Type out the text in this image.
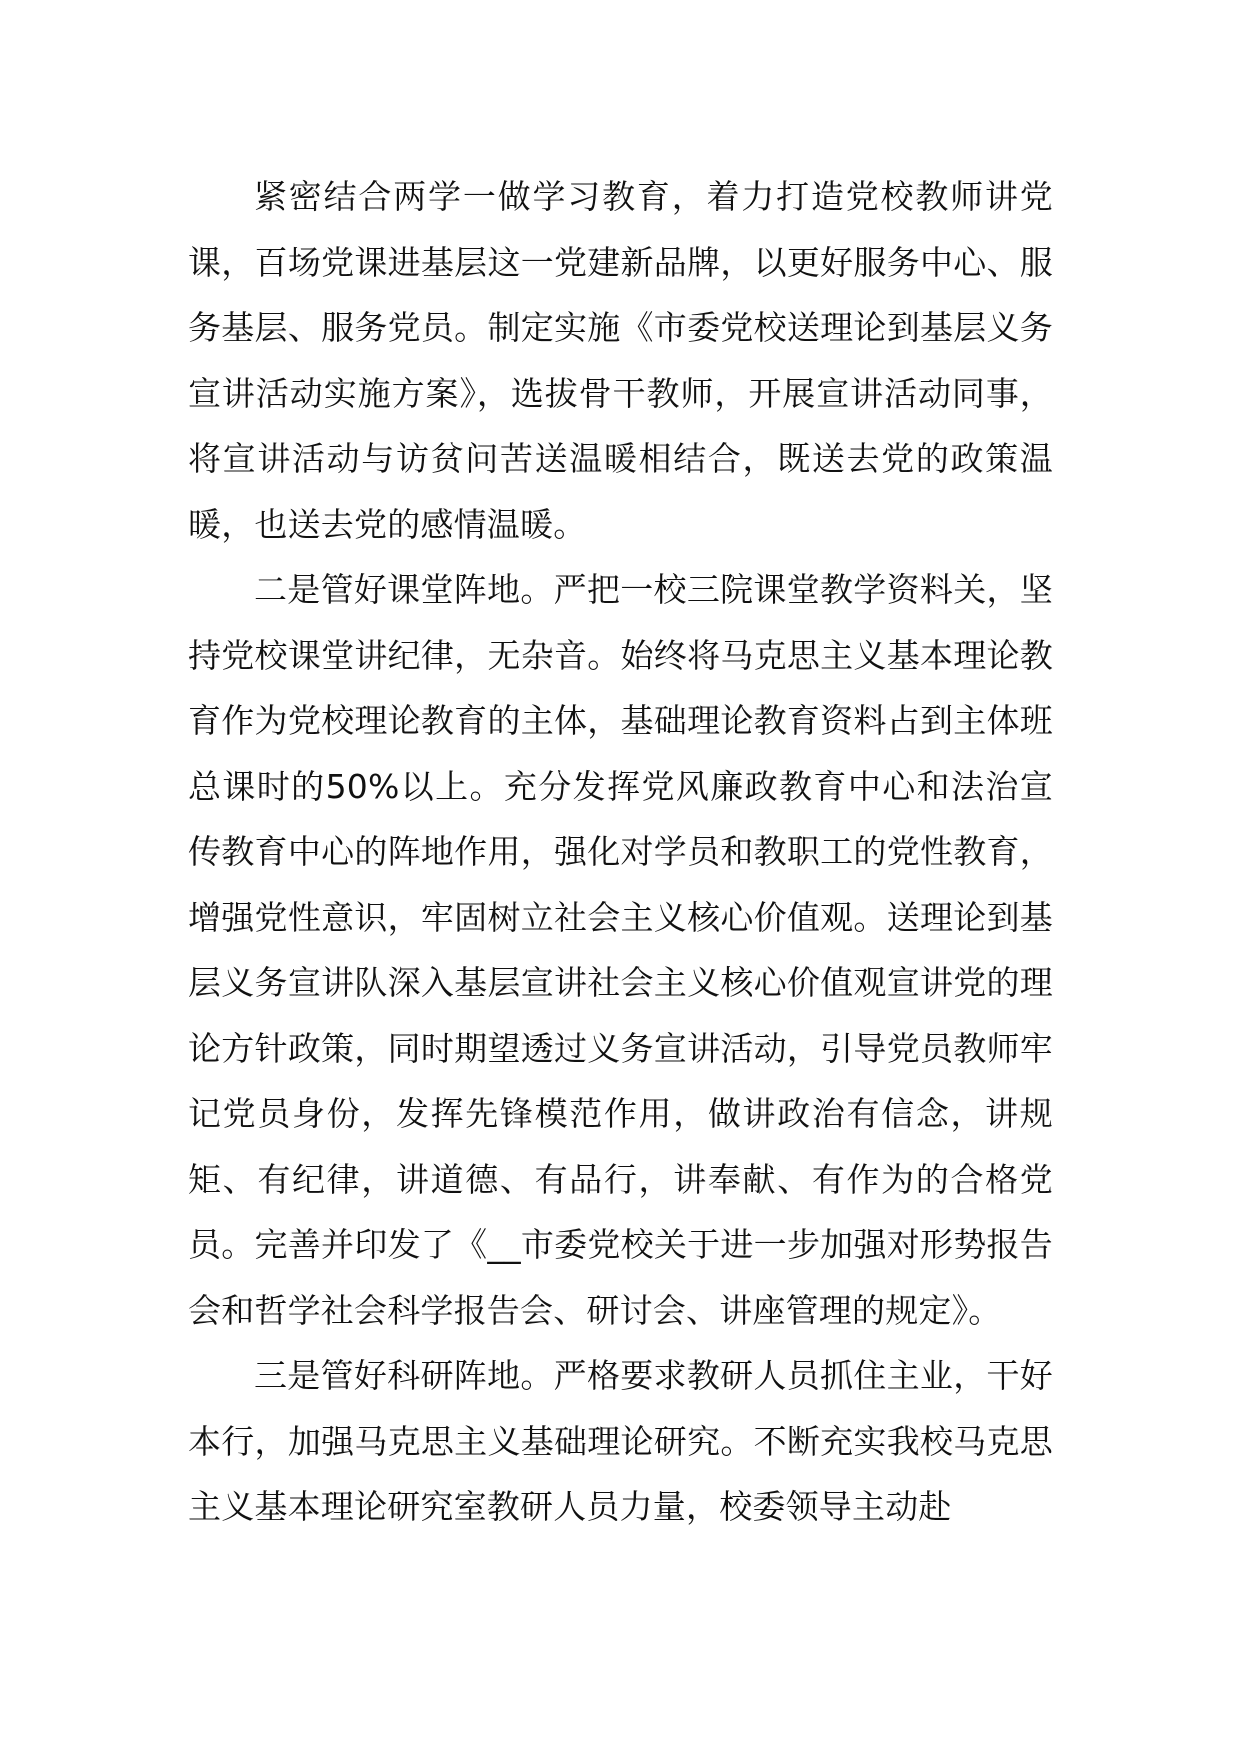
紧密结合两学一做学习教育，着力打造党校教师讲党课，百场党课进基层这一党建新品牌，以更好服务中心、服务基层、服务党员。制定实施《市委党校送理论到基层义务宣讲活动实施方案》，选拔骨干教师，开展宣讲活动同事，将宣讲活动与访贫问苦送温暖相结合，既送去党的政策温暖，也送去党的感情温暖。

二是管好课堂阵地。严把一校三院课堂教学资料关，坚持党校课堂讲纪律，无杂音。始终将马克思主义基本理论教育作为党校理论教育的主体，基础理论教育资料占到主体班总课时的50%以上。充分发挥党风廉政教育中心和法治宣传教育中心的阵地作用，强化对学员和教职工的党性教育，增强党性意识，牢固树立社会主义核心价值观。送理论到基层义务宣讲队深入基层宣讲社会主义核心价值观宣讲党的理论方针政策，同时期望透过义务宣讲活动，引导党员教师牢记党员身份，发挥先锋模范作用，做讲政治有信念，讲规矩、有纪律，讲道德、有品行，讲奉献、有作为的合格党员。完善并印发了《__市委党校关于进一步加强对形势报告会和哲学社会科学报告会、研讨会、讲座管理的规定》。

三是管好科研阵地。严格要求教研人员抓住主业，干好本行，加强马克思主义基础理论研究。不断充实我校马克思主义基本理论研究室教研人员力量，校委领导主动赴
